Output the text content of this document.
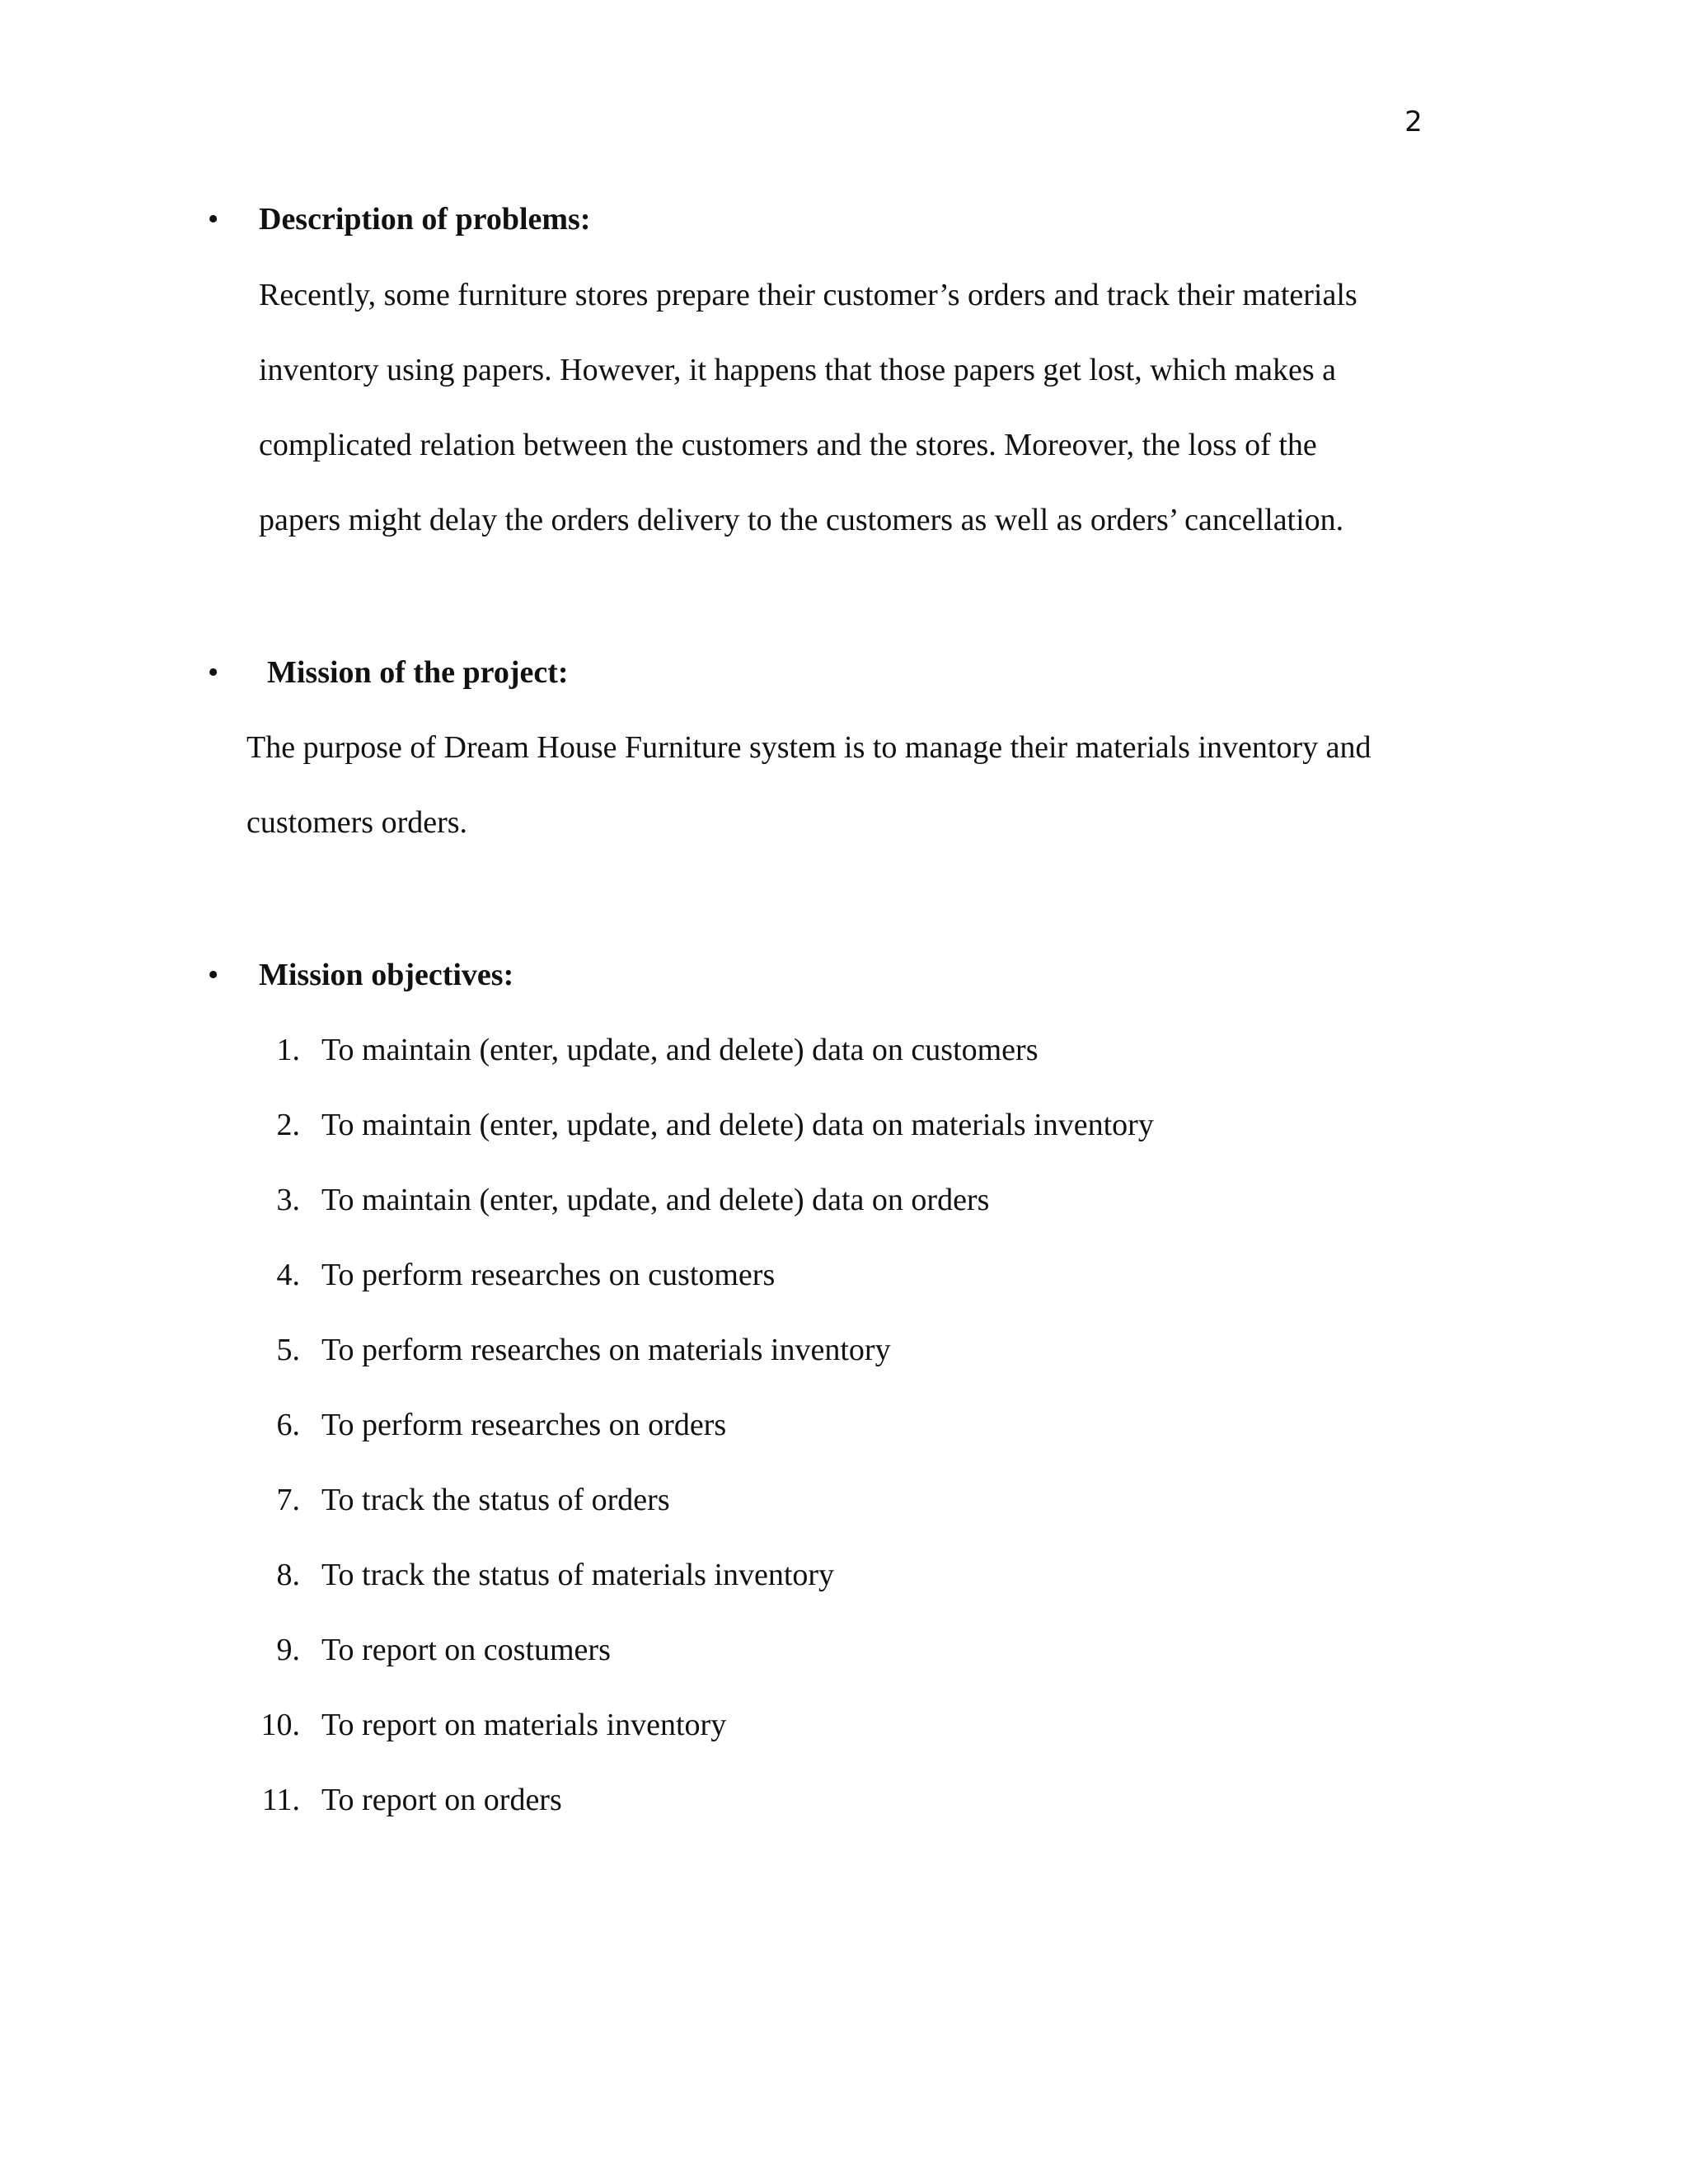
2
• Description of problems:
Recently, some furniture stores prepare their customer’s orders and track their materials
inventory using papers. However, it happens that those papers get lost, which makes a
complicated relation between the customers and the stores. Moreover, the loss of the
papers might delay the orders delivery to the customers as well as orders’ cancellation.
• Mission of the project:
The purpose of Dream House Furniture system is to manage their materials inventory and
customers orders.
• Mission objectives:
1. To maintain (enter, update, and delete) data on customers
2. To maintain (enter, update, and delete) data on materials inventory
3. To maintain (enter, update, and delete) data on orders
4. To perform researches on customers
5. To perform researches on materials inventory
6. To perform researches on orders
7. To track the status of orders
8. To track the status of materials inventory
9. To report on costumers
10. To report on materials inventory
11. To report on orders
